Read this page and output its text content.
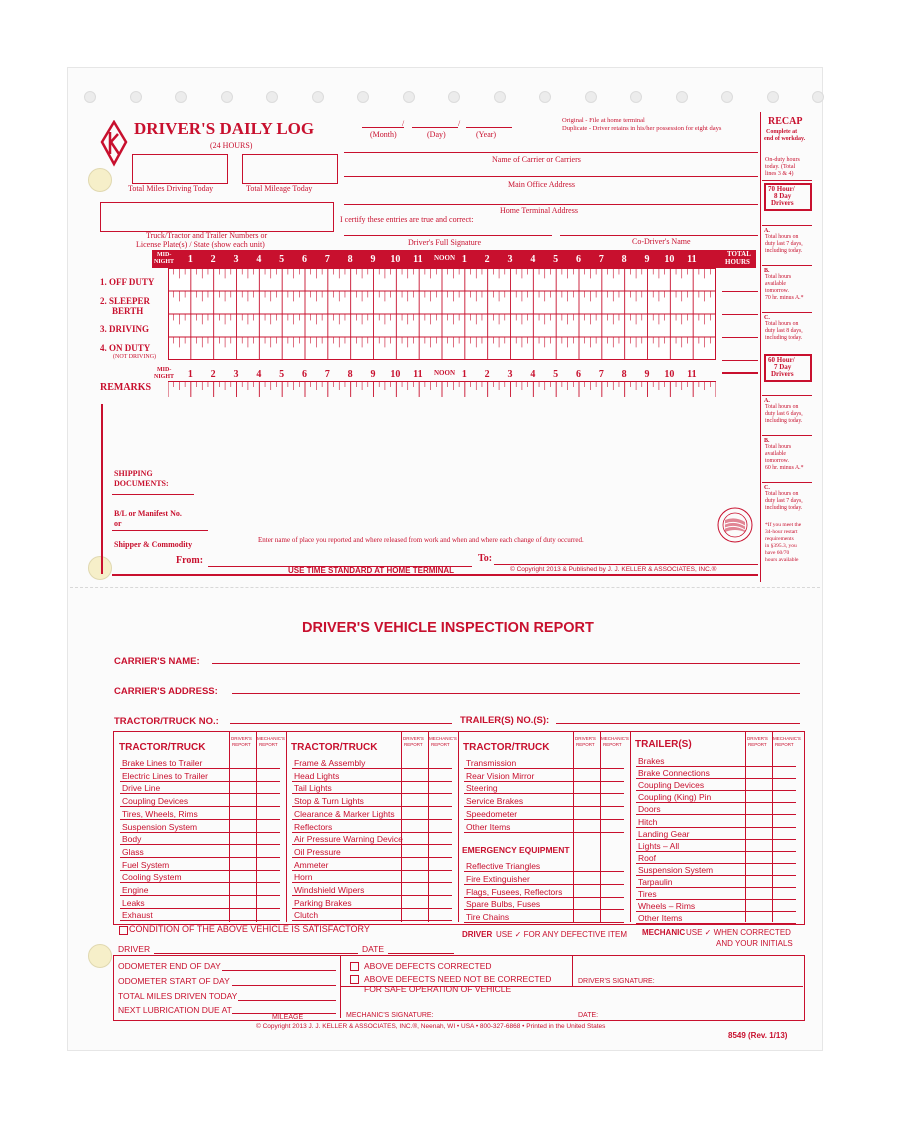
DRIVER'S DAILY LOG
(24 HOURS)
/	/
(Month)	(Day)	(Year)
Original - File at home terminal
Duplicate - Driver retains in his/her possession for eight days
Total Miles Driving Today	Total Mileage Today
Name of Carrier or Carriers
Main Office Address
Home Terminal Address
I certify these entries are true and correct:
Truck/Tractor and Trailer Numbers or
License Plate(s) / State (show each unit)	Driver's Full Signature	Co-Driver's Name
MID-
NIGHT
TOTAL
HOURS
1 2 3 4 5 6 7 8 9 10 11 NOON 1 2 3 4 5 6 7 8 9 10 11
1. OFF DUTY
2. SLEEPER
BERTH
3. DRIVING
4. ON DUTY
(NOT DRIVING)
MID-
NIGHT 1 2 3 4 5 6 7 8 9 10 11 NOON 1 2 3 4 5 6 7 8 9 10 11
REMARKS
SHIPPING
DOCUMENTS:
B/L or Manifest No.
or
Shipper & Commodity	Enter name of place you reported and where released from work and when and where each change of duty occurred.
From:	To:
USE TIME STANDARD AT HOME TERMINAL	© Copyright 2013 & Published by J. J. KELLER & ASSOCIATES, INC.®
RECAP
Complete at
end of workday.
On-duty hours
today. (Total
lines 3 & 4)
70 Hour/
8 Day
Drivers
A.
Total hours on
duty last 7 days,
including today.
B.
Total hours
available
tomorrow.
70 hr. minus A.*
C.
Total hours on
duty last 8 days,
including today.
60 Hour/
7 Day
Drivers
A.
Total hours on
duty last 6 days,
including today.
B.
Total hours
available
tomorrow.
60 hr. minus A.*
C.
Total hours on
duty last 7 days,
including today.
*If you meet the
34-hour restart
requirements
in §395.3, you
have 60/70
hours available
DRIVER'S VEHICLE INSPECTION REPORT
CARRIER'S NAME:
CARRIER'S ADDRESS:
TRACTOR/TRUCK NO.:	TRAILER(S) NO.(S):
TRACTOR/TRUCK
DRIVER'S
REPORT
MECHANIC'S
REPORT
Brake Lines to Trailer
Electric Lines to Trailer
Drive Line
Coupling Devices
Tires, Wheels, Rims
Suspension System
Body
Glass
Fuel System
Cooling System
Engine
Leaks
Exhaust
TRACTOR/TRUCK
DRIVER'S
REPORT
MECHANIC'S
REPORT
Frame & Assembly
Head Lights
Tail Lights
Stop & Turn Lights
Clearance & Marker Lights
Reflectors
Air Pressure Warning Device
Oil Pressure
Ammeter
Horn
Windshield Wipers
Parking Brakes
Clutch
TRACTOR/TRUCK
DRIVER'S
REPORT
MECHANIC'S
REPORT
Transmission
Rear Vision Mirror
Steering
Service Brakes
Speedometer
Other Items
EMERGENCY EQUIPMENT
Reflective Triangles
Fire Extinguisher
Flags, Fusees, Reflectors
Spare Bulbs, Fuses
Tire Chains
TRAILER(S)
DRIVER'S
REPORT
MECHANIC'S
REPORT
Brakes
Brake Connections
Coupling Devices
Coupling (King) Pin
Doors
Hitch
Landing Gear
Lights – All
Roof
Suspension System
Tarpaulin
Tires
Wheels – Rims
Other Items
CONDITION OF THE ABOVE VEHICLE IS SATISFACTORY
DRIVER USE ✓ FOR ANY DEFECTIVE ITEM MECHANIC USE ✓ WHEN CORRECTED
AND YOUR INITIALS
DRIVER	DATE
ODOMETER END OF DAY
ODOMETER START OF DAY
TOTAL MILES DRIVEN TODAY
NEXT LUBRICATION DUE AT
MILEAGE
ABOVE DEFECTS CORRECTED
ABOVE DEFECTS NEED NOT BE CORRECTED
FOR SAFE OPERATION OF VEHICLE
DRIVER'S SIGNATURE:
MECHANIC'S SIGNATURE:	DATE:
© Copyright 2013 J. J. KELLER & ASSOCIATES, INC.®, Neenah, WI • USA • 800-327-6868 • Printed in the United States
8549 (Rev. 1/13)
